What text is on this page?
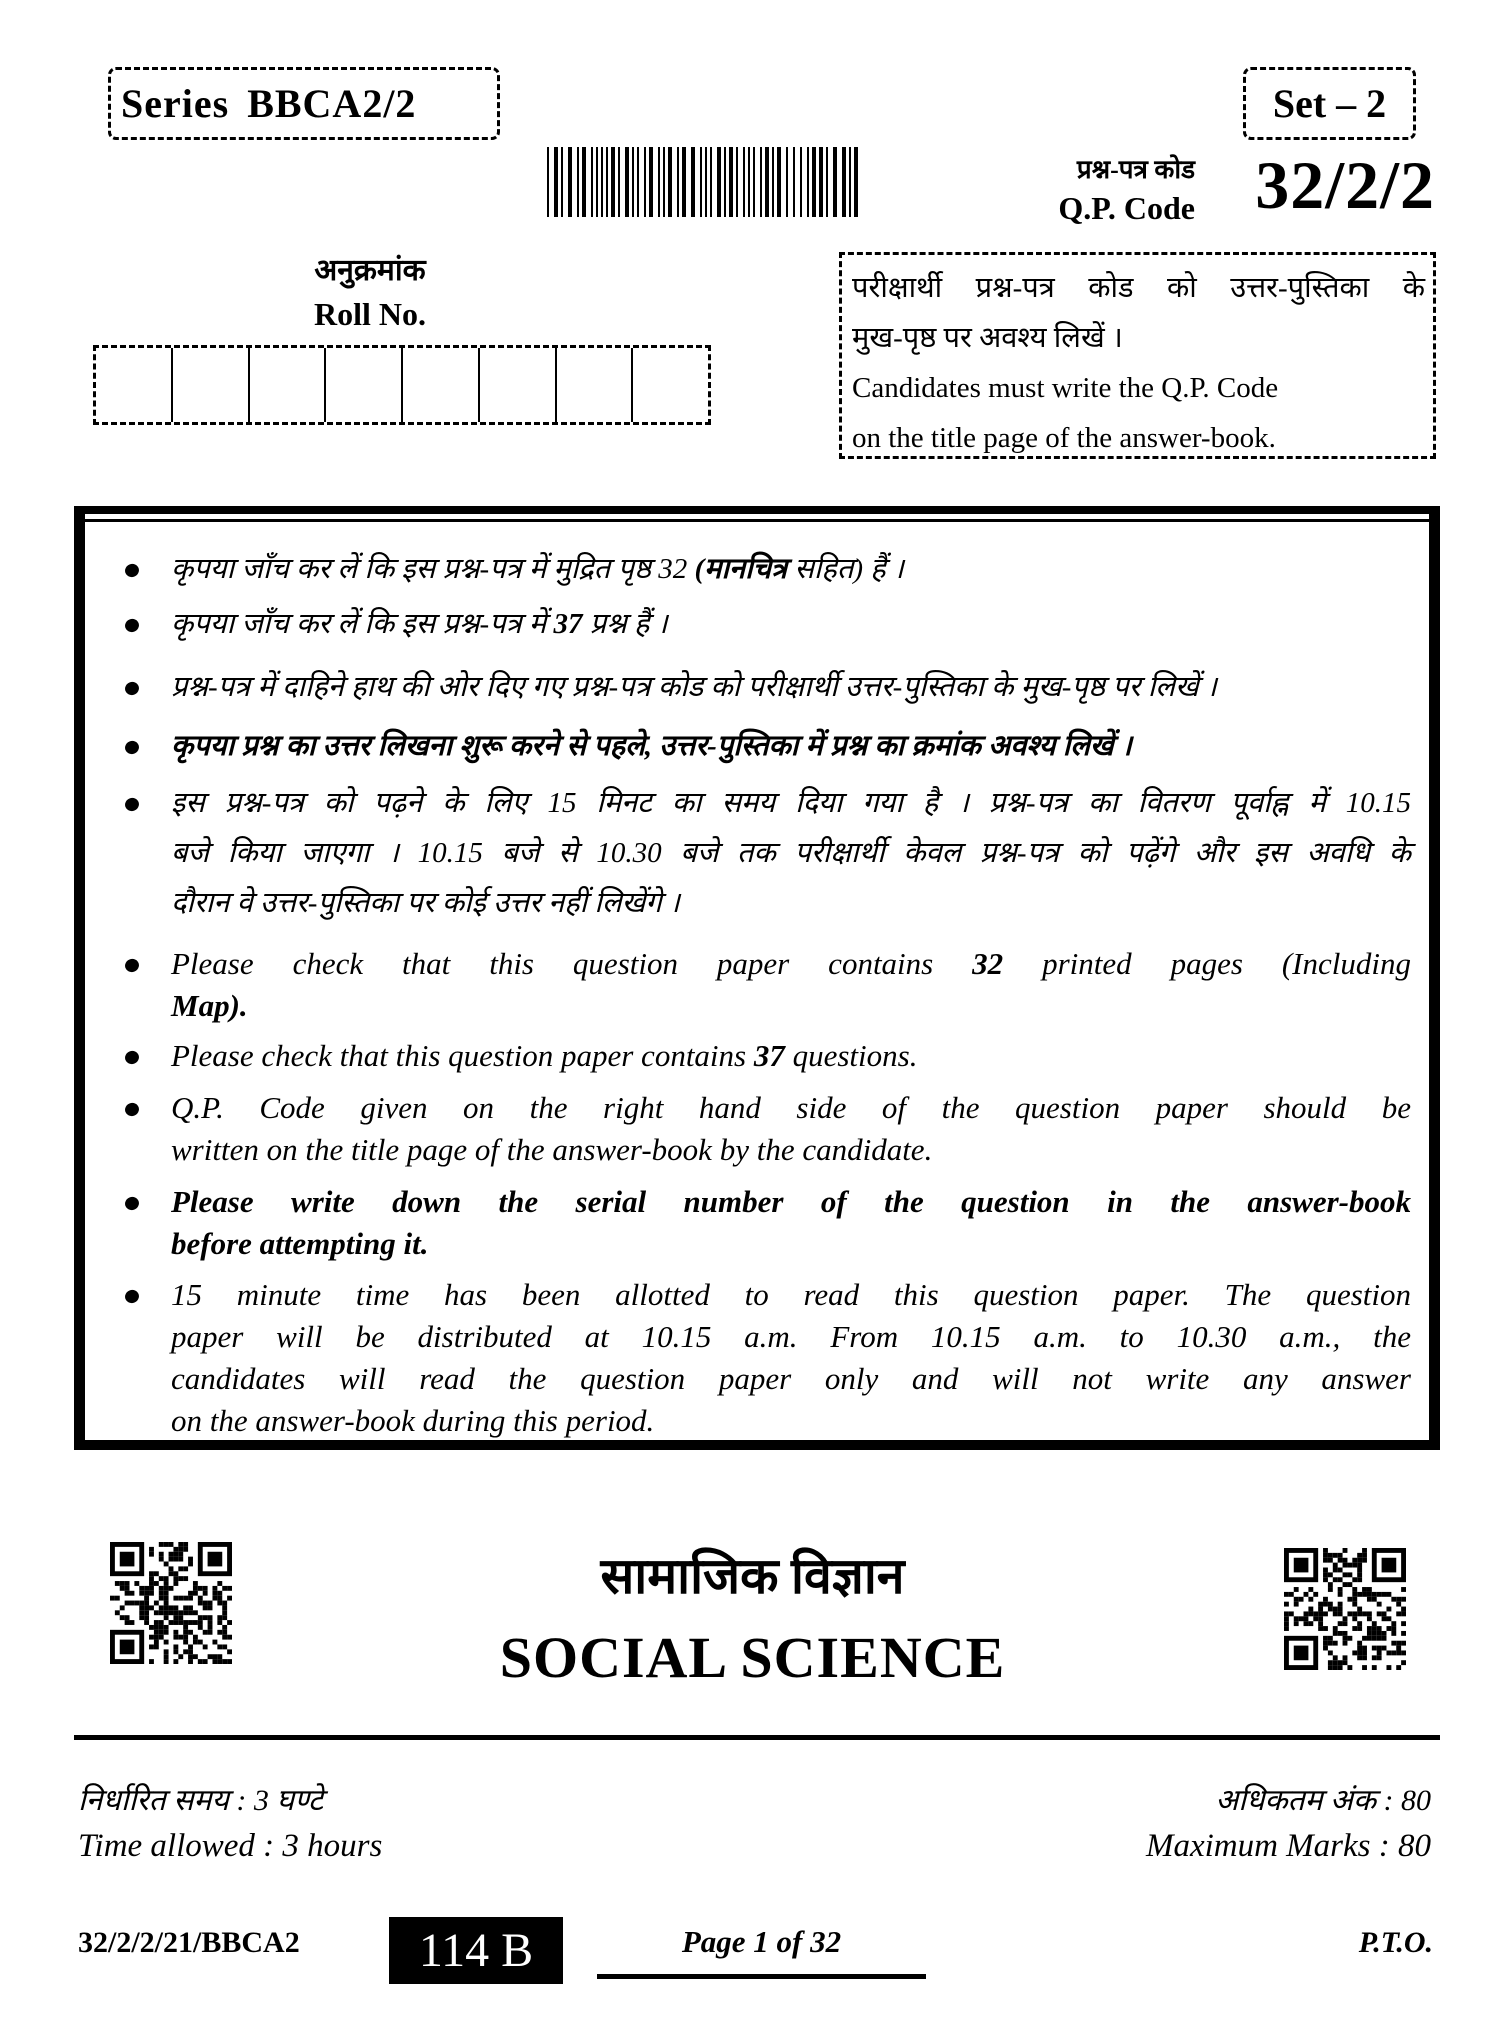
Series BBCA2/2	Set – 2
प्रश्न-पत्र कोड
Q.P. Code 32/2/2
अनुक्रमांक
Roll No.
परीक्षार्थी प्रश्न-पत्र कोड को उत्तर-पुस्तिका के
मुख-पृष्ठ पर अवश्य लिखें ।
Candidates must write the Q.P. Code
on the title page of the answer-book.
कृपया जाँच कर लें कि इस प्रश्न-पत्र में मुद्रित पृष्ठ 32 (मानचित्र सहित) हैं ।
कृपया जाँच कर लें कि इस प्रश्न-पत्र में 37 प्रश्न हैं ।
प्रश्न-पत्र में दाहिने हाथ की ओर दिए गए प्रश्न-पत्र कोड को परीक्षार्थी उत्तर-पुस्तिका के मुख-पृष्ठ पर लिखें ।
कृपया प्रश्न का उत्तर लिखना शुरू करने से पहले, उत्तर-पुस्तिका में प्रश्न का क्रमांक अवश्य लिखें ।
इस प्रश्न-पत्र को पढ़ने के लिए 15 मिनट का समय दिया गया है । प्रश्न-पत्र का वितरण पूर्वाह्न में 10.15
बजे किया जाएगा । 10.15 बजे से 10.30 बजे तक परीक्षार्थी केवल प्रश्न-पत्र को पढ़ेंगे और इस अवधि के
दौरान वे उत्तर-पुस्तिका पर कोई उत्तर नहीं लिखेंगे ।
Please check that this question paper contains 32 printed pages (Including
Map).
Please check that this question paper contains 37 questions.
Q.P. Code given on the right hand side of the question paper should be
written on the title page of the answer-book by the candidate.
Please write down the serial number of the question in the answer-book
before attempting it.
15 minute time has been allotted to read this question paper. The question
paper will be distributed at 10.15 a.m. From 10.15 a.m. to 10.30 a.m., the
candidates will read the question paper only and will not write any answer
on the answer-book during this period.
सामाजिक विज्ञान
SOCIAL SCIENCE
निर्धारित समय : 3 घण्टे
Time allowed : 3 hours
अधिकतम अंक : 80
Maximum Marks : 80
32/2/2/21/BBCA2	114 B	Page 1 of 32	P.T.O.
